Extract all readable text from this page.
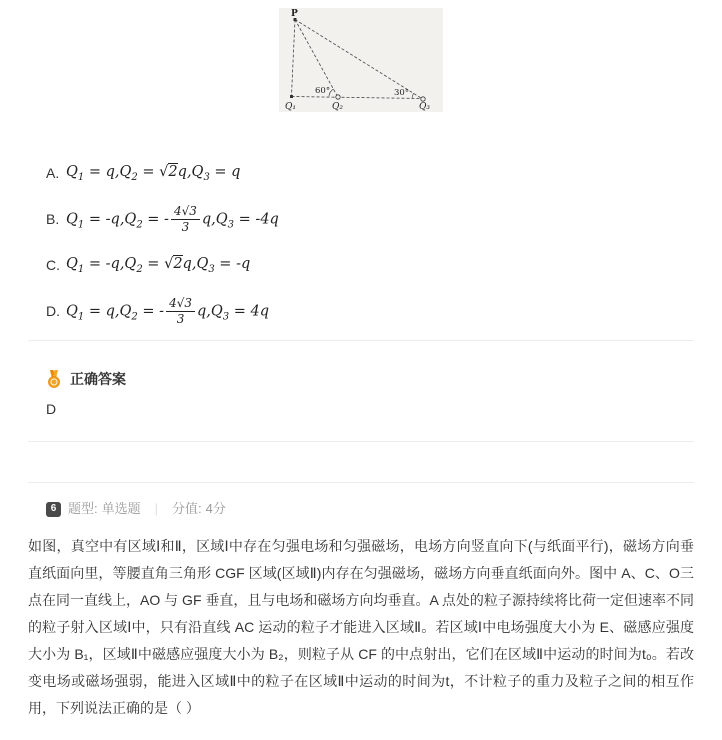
P
60°	30°
Q₁	Q₂	Q₃
A. $Q_1 = q,Q_2 = √2q,Q_3 = q$
B. $Q_1 = -q,Q_2$ = - $\frac{4√3}{3} q,Q_3 = -4q$
C. $Q_1 = -q,Q_2 = √2q,Q_3 = -q$
D. $Q_1 = q,Q_2$ = - $\frac{4√3}{3} q,Q_3 = 4q$
正确答案
D
6 题型: 单选题 | 分值: 4分

如图，真空中有区域Ⅰ和Ⅱ，区域Ⅰ中存在匀强电场和匀强磁场，电场方向竖直向下(与纸面平行)，磁场方向垂直纸面向里，等腰直角三角形 CGF 区域(区域Ⅱ)内存在匀强磁场，磁场方向垂直纸面向外。图中 A、C、O三点在同一直线上，AO 与 GF 垂直，且与电场和磁场方向均垂直。A 点处的粒子源持续将比荷一定但速率不同的粒子射入区域Ⅰ中，只有沿直线 AC 运动的粒子才能进入区域Ⅱ。若区域Ⅰ中电场强度大小为 E、磁感应强度大小为 B₁，区域Ⅱ中磁感应强度大小为 B₂，则粒子从 CF 的中点射出，它们在区域Ⅱ中运动的时间为t₀。若改变电场或磁场强弱，能进入区域Ⅱ中的粒子在区域Ⅱ中运动的时间为t，不计粒子的重力及粒子之间的相互作用，下列说法正确的是（ ）
